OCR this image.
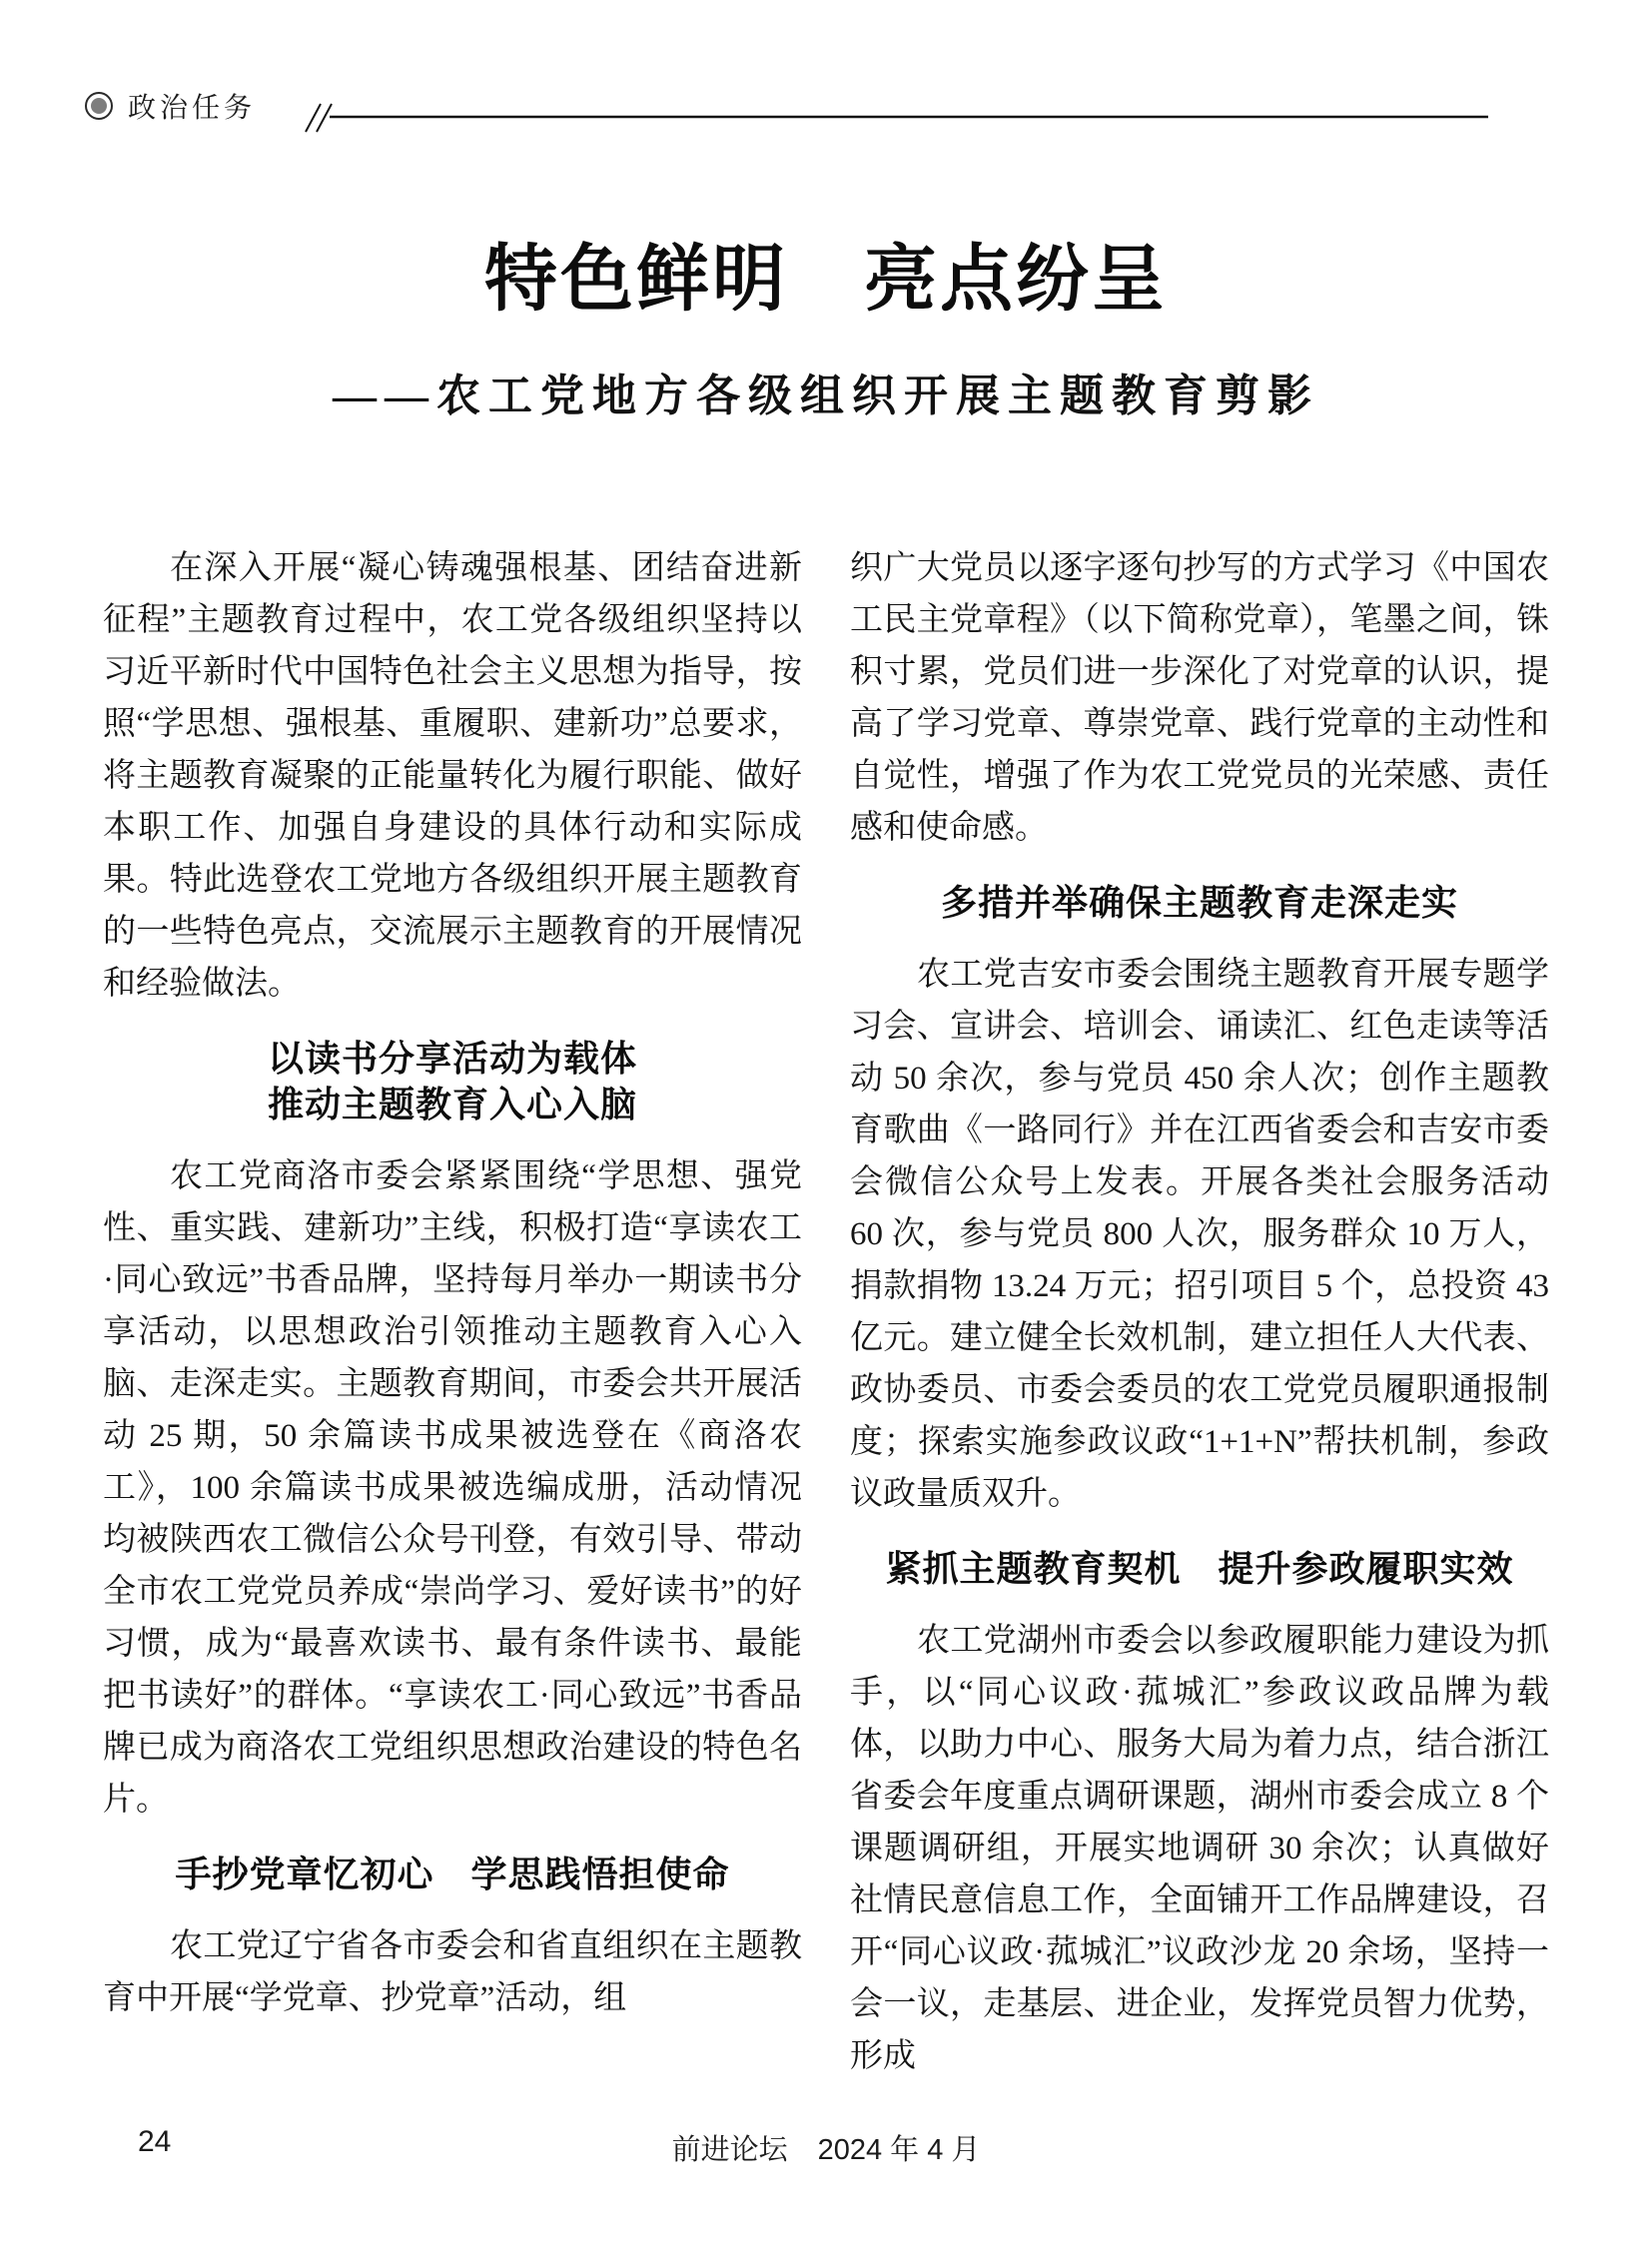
政治任务
特色鲜明　亮点纷呈
——农工党地方各级组织开展主题教育剪影

在深入开展“凝心铸魂强根基、团结奋进新征程”主题教育过程中，农工党各级组织坚持以习近平新时代中国特色社会主义思想为指导，按照“学思想、强根基、重履职、建新功”总要求，将主题教育凝聚的正能量转化为履行职能、做好本职工作、加强自身建设的具体行动和实际成果。特此选登农工党地方各级组织开展主题教育的一些特色亮点，交流展示主题教育的开展情况和经验做法。

以读书分享活动为载体
推动主题教育入心入脑

农工党商洛市委会紧紧围绕“学思想、强党性、重实践、建新功”主线，积极打造“享读农工·同心致远”书香品牌，坚持每月举办一期读书分享活动，以思想政治引领推动主题教育入心入脑、走深走实。主题教育期间，市委会共开展活动 25 期，50 余篇读书成果被选登在《商洛农工》，100 余篇读书成果被选编成册，活动情况均被陕西农工微信公众号刊登，有效引导、带动全市农工党党员养成“崇尚学习、爱好读书”的好习惯，成为“最喜欢读书、最有条件读书、最能把书读好”的群体。“享读农工·同心致远”书香品牌已成为商洛农工党组织思想政治建设的特色名片。

手抄党章忆初心　学思践悟担使命

农工党辽宁省各市委会和省直组织在主题教育中开展“学党章、抄党章”活动，组

织广大党员以逐字逐句抄写的方式学习《中国农工民主党章程》（以下简称党章），笔墨之间，铢积寸累，党员们进一步深化了对党章的认识，提高了学习党章、尊崇党章、践行党章的主动性和自觉性，增强了作为农工党党员的光荣感、责任感和使命感。

多措并举确保主题教育走深走实

农工党吉安市委会围绕主题教育开展专题学习会、宣讲会、培训会、诵读汇、红色走读等活动 50 余次，参与党员 450 余人次；创作主题教育歌曲《一路同行》并在江西省委会和吉安市委会微信公众号上发表。开展各类社会服务活动 60 次，参与党员 800 人次，服务群众 10 万人，捐款捐物 13.24 万元；招引项目 5 个，总投资 43 亿元。建立健全长效机制，建立担任人大代表、政协委员、市委会委员的农工党党员履职通报制度；探索实施参政议政“1+1+N”帮扶机制，参政议政量质双升。

紧抓主题教育契机　提升参政履职实效

农工党湖州市委会以参政履职能力建设为抓手，以“同心议政·菰城汇”参政议政品牌为载体，以助力中心、服务大局为着力点，结合浙江省委会年度重点调研课题，湖州市委会成立 8 个课题调研组，开展实地调研 30 余次；认真做好社情民意信息工作，全面铺开工作品牌建设，召开“同心议政·菰城汇”议政沙龙 20 余场，坚持一会一议，走基层、进企业，发挥党员智力优势，形成

24	前进论坛 2024 年 4 月
